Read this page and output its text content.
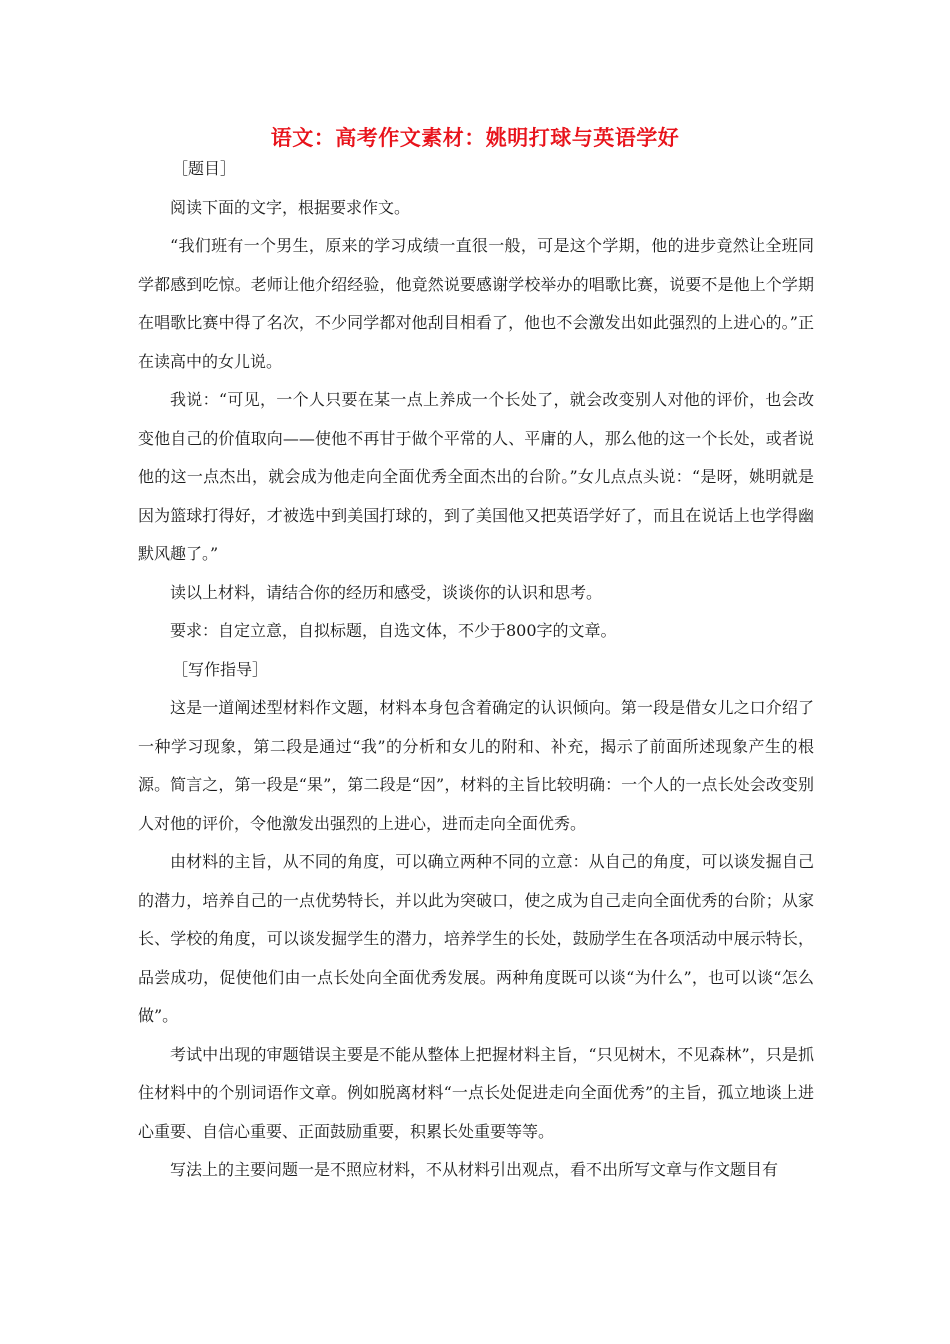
语文：高考作文素材：姚明打球与英语学好

［题目］

阅读下面的文字，根据要求作文。

“我们班有一个男生，原来的学习成绩一直很一般，可是这个学期，他的进步竟然让全班同学都感到吃惊。老师让他介绍经验，他竟然说要感谢学校举办的唱歌比赛，说要不是他上个学期在唱歌比赛中得了名次，不少同学都对他刮目相看了，他也不会激发出如此强烈的上进心的。”正在读高中的女儿说。

我说：“可见，一个人只要在某一点上养成一个长处了，就会改变别人对他的评价，也会改变他自己的价值取向——使他不再甘于做个平常的人、平庸的人，那么他的这一个长处，或者说他的这一点杰出，就会成为他走向全面优秀全面杰出的台阶。”女儿点点头说：“是呀，姚明就是因为篮球打得好，才被选中到美国打球的，到了美国他又把英语学好了，而且在说话上也学得幽默风趣了。”

读以上材料，请结合你的经历和感受，谈谈你的认识和思考。

要求：自定立意，自拟标题，自选文体，不少于800字的文章。

［写作指导］

这是一道阐述型材料作文题，材料本身包含着确定的认识倾向。第一段是借女儿之口介绍了一种学习现象，第二段是通过“我”的分析和女儿的附和、补充，揭示了前面所述现象产生的根源。简言之，第一段是“果”，第二段是“因”，材料的主旨比较明确：一个人的一点长处会改变别人对他的评价，令他激发出强烈的上进心，进而走向全面优秀。

由材料的主旨，从不同的角度，可以确立两种不同的立意：从自己的角度，可以谈发掘自己的潜力，培养自己的一点优势特长，并以此为突破口，使之成为自己走向全面优秀的台阶；从家长、学校的角度，可以谈发掘学生的潜力，培养学生的长处，鼓励学生在各项活动中展示特长，品尝成功，促使他们由一点长处向全面优秀发展。两种角度既可以谈“为什么”，也可以谈“怎么做”。

考试中出现的审题错误主要是不能从整体上把握材料主旨，“只见树木，不见森林”，只是抓住材料中的个别词语作文章。例如脱离材料“一点长处促进走向全面优秀”的主旨，孤立地谈上进心重要、自信心重要、正面鼓励重要，积累长处重要等等。

写法上的主要问题一是不照应材料，不从材料引出观点，看不出所写文章与作文题目有
